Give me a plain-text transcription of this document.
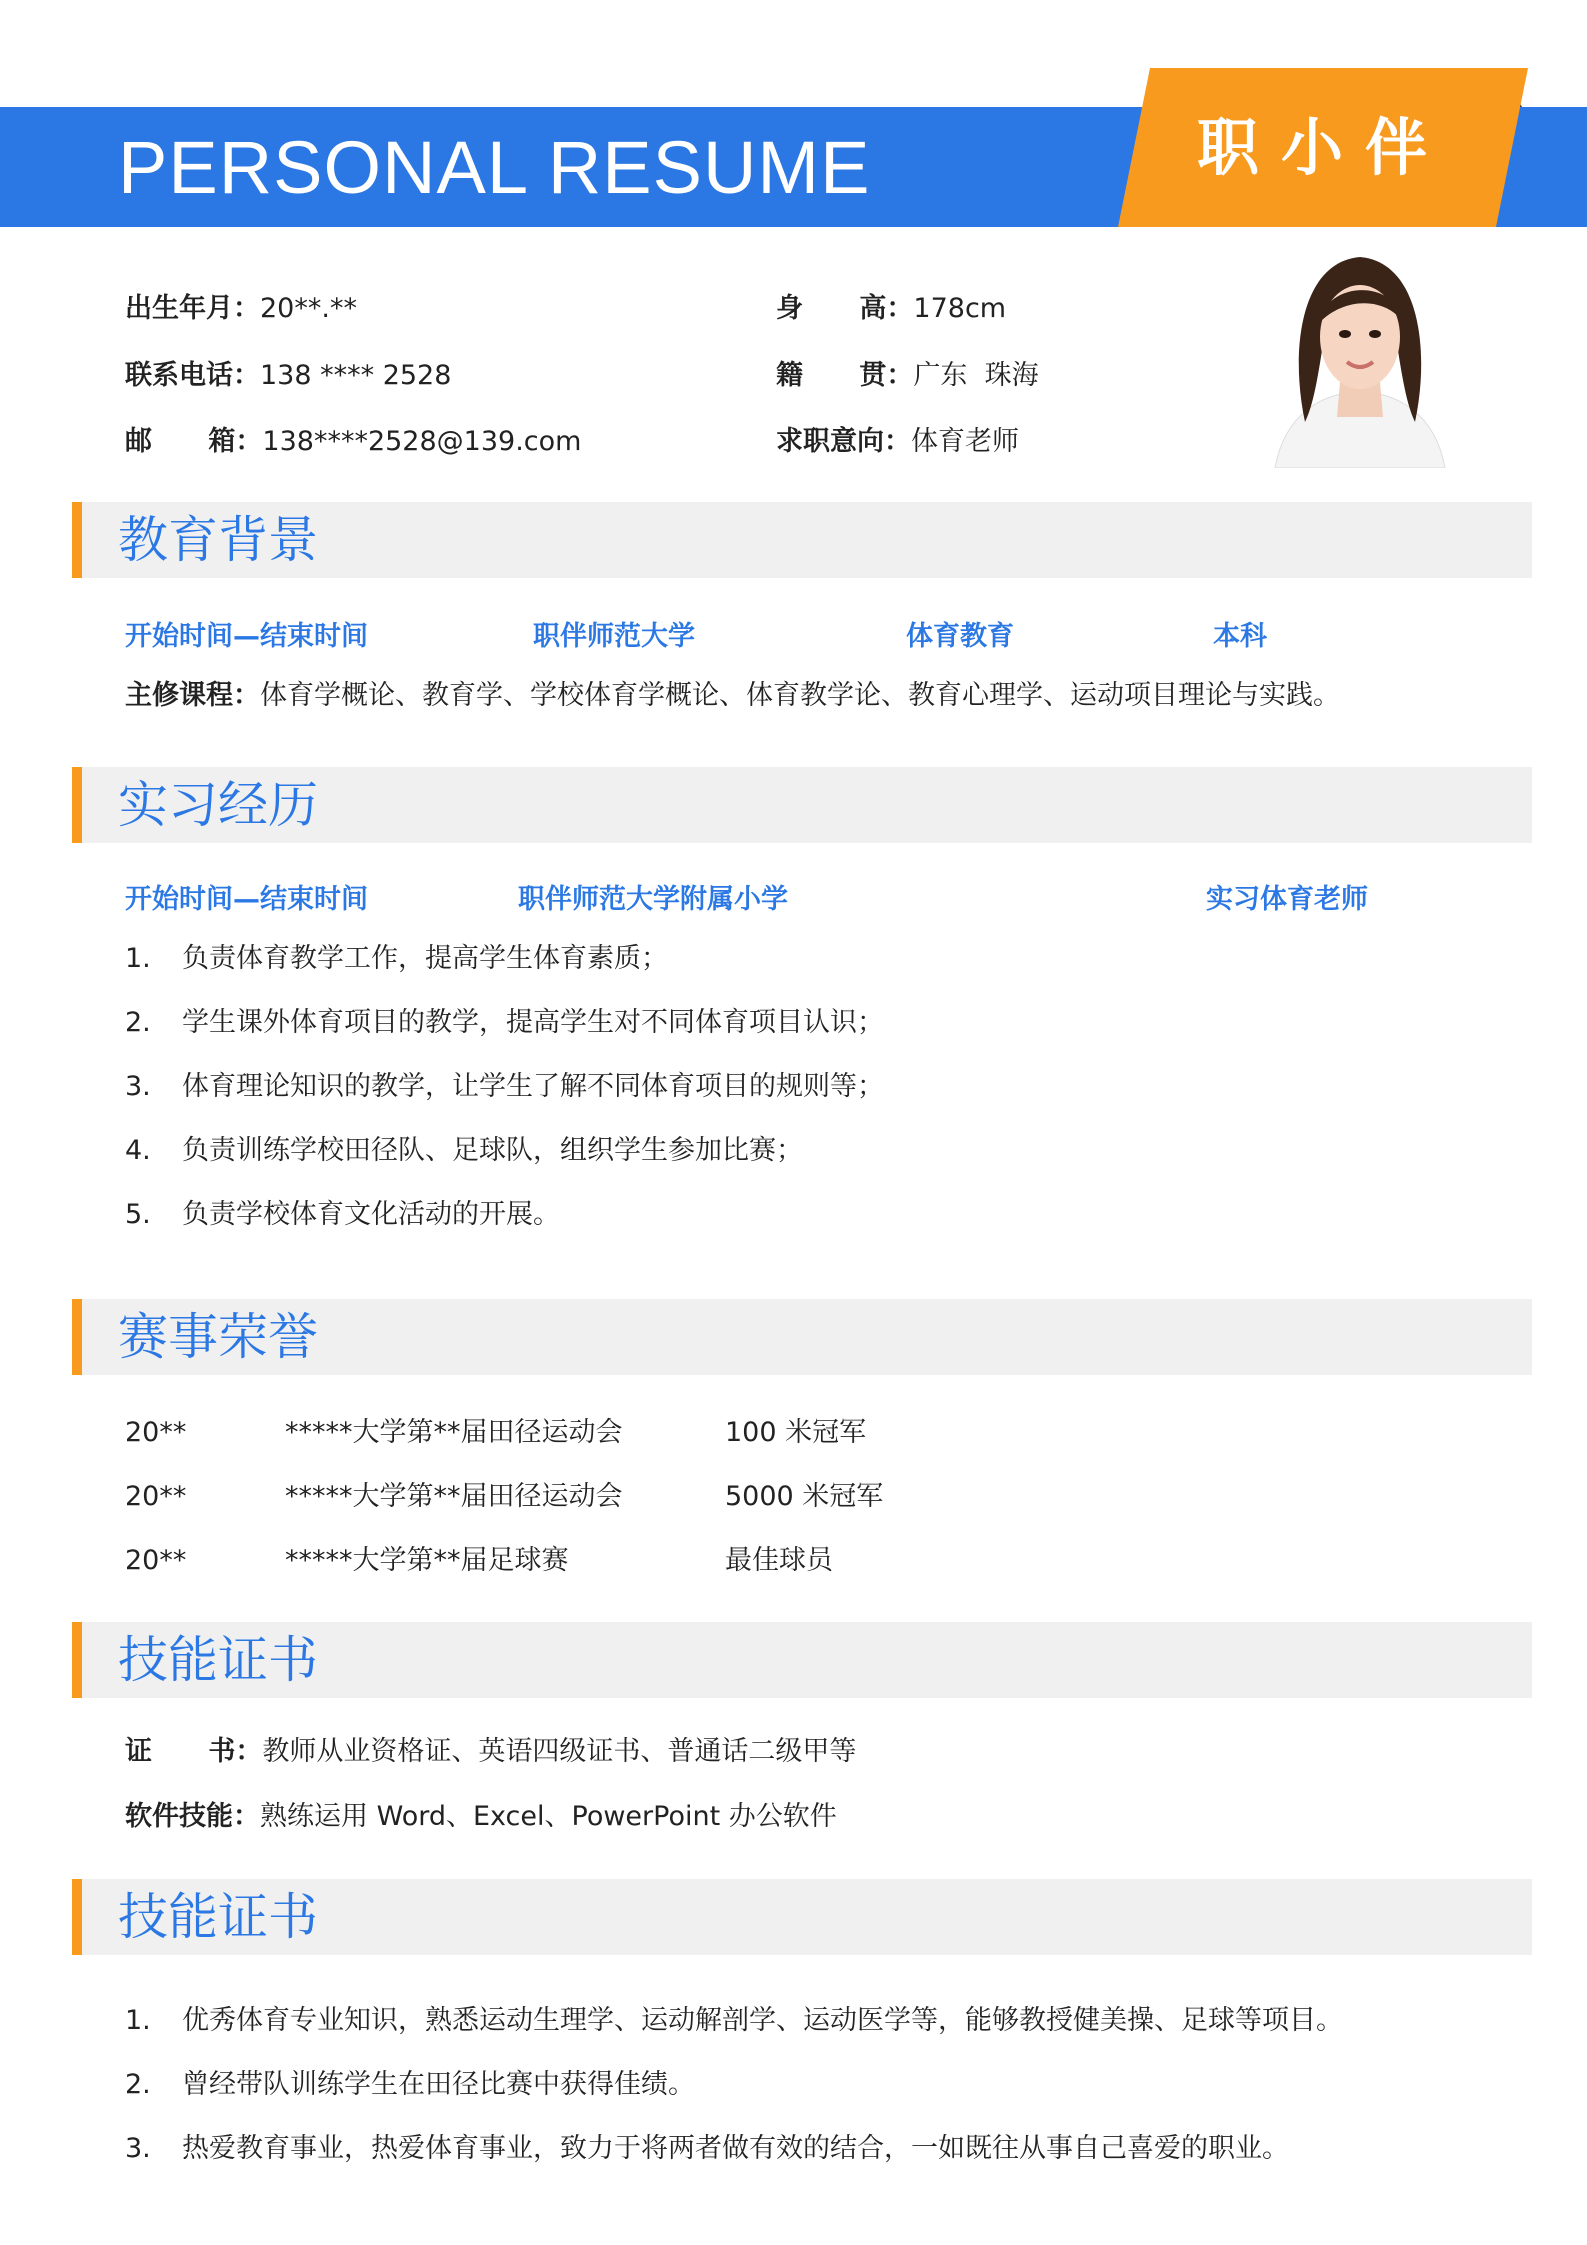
PERSONAL RESUME	职小伴
出生年月：20**.**
联系电话：138 **** 2528
邮      箱：138****2528@139.com
身      高：178cm
籍      贯：广东  珠海
求职意向：体育老师
教育背景
开始时间—结束时间	职伴师范大学	体育教育	本科
主修课程：体育学概论、教育学、学校体育学概论、体育教学论、教育心理学、运动项目理论与实践。
实习经历
开始时间—结束时间	职伴师范大学附属小学	实习体育老师
1. 负责体育教学工作，提高学生体育素质；
2. 学生课外体育项目的教学，提高学生对不同体育项目认识；
3. 体育理论知识的教学，让学生了解不同体育项目的规则等；
4. 负责训练学校田径队、足球队，组织学生参加比赛；
5. 负责学校体育文化活动的开展。
赛事荣誉
20**	*****大学第**届田径运动会	100 米冠军
20**	*****大学第**届田径运动会	5000 米冠军
20**	*****大学第**届足球赛	最佳球员
技能证书
证      书：教师从业资格证、英语四级证书、普通话二级甲等
软件技能：熟练运用 Word、Excel、PowerPoint 办公软件
技能证书
1. 优秀体育专业知识，熟悉运动生理学、运动解剖学、运动医学等，能够教授健美操、足球等项目。
2. 曾经带队训练学生在田径比赛中获得佳绩。
3. 热爱教育事业，热爱体育事业，致力于将两者做有效的结合，一如既往从事自己喜爱的职业。
